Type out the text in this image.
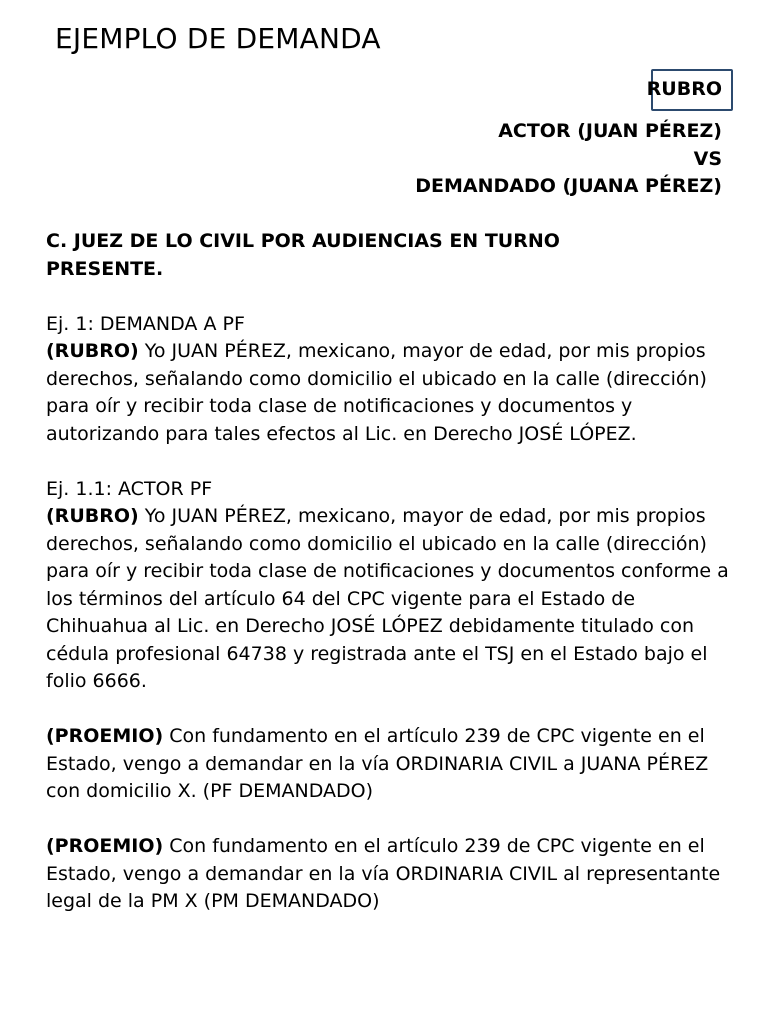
EJEMPLO DE DEMANDA
RUBRO
ACTOR (JUAN PÉREZ)
VS
DEMANDADO (JUANA PÉREZ)

C. JUEZ DE LO CIVIL POR AUDIENCIAS EN TURNO
PRESENTE.

Ej. 1: DEMANDA A PF
(RUBRO) Yo JUAN PÉREZ, mexicano, mayor de edad, por mis propios derechos, señalando como domicilio el ubicado en la calle (dirección) para oír y recibir toda clase de notificaciones y documentos y autorizando para tales efectos al Lic. en Derecho JOSÉ LÓPEZ.

Ej. 1.1: ACTOR PF
(RUBRO) Yo JUAN PÉREZ, mexicano, mayor de edad, por mis propios derechos, señalando como domicilio el ubicado en la calle (dirección) para oír y recibir toda clase de notificaciones y documentos conforme a los términos del artículo 64 del CPC vigente para el Estado de Chihuahua al Lic. en Derecho JOSÉ LÓPEZ debidamente titulado con cédula profesional 64738 y registrada ante el TSJ en el Estado bajo el folio 6666.

(PROEMIO) Con fundamento en el artículo 239 de CPC vigente en el Estado, vengo a demandar en la vía ORDINARIA CIVIL a JUANA PÉREZ con domicilio X. (PF DEMANDADO)

(PROEMIO) Con fundamento en el artículo 239 de CPC vigente en el Estado, vengo a demandar en la vía ORDINARIA CIVIL al representante legal de la PM X (PM DEMANDADO)
